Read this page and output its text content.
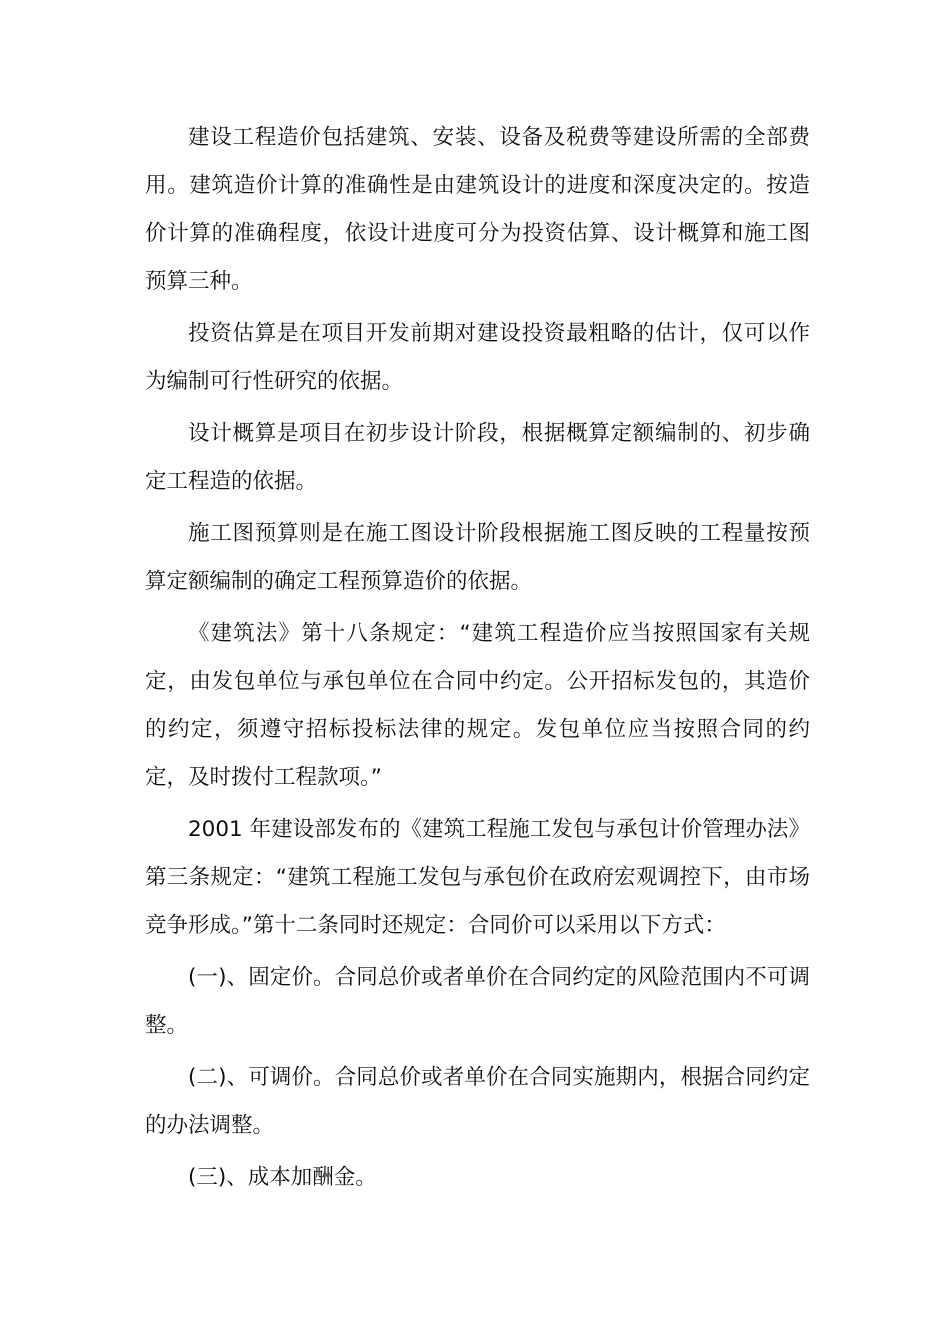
建设工程造价包括建筑、安装、设备及税费等建设所需的全部费用。建筑造价计算的准确性是由建筑设计的进度和深度决定的。按造价计算的准确程度，依设计进度可分为投资估算、设计概算和施工图预算三种。

投资估算是在项目开发前期对建设投资最粗略的估计，仅可以作为编制可行性研究的依据。

设计概算是项目在初步设计阶段，根据概算定额编制的、初步确定工程造的依据。

施工图预算则是在施工图设计阶段根据施工图反映的工程量按预算定额编制的确定工程预算造价的依据。

《建筑法》第十八条规定：“建筑工程造价应当按照国家有关规定，由发包单位与承包单位在合同中约定。公开招标发包的，其造价的约定，须遵守招标投标法律的规定。发包单位应当按照合同的约定，及时拨付工程款项。”

2001 年建设部发布的《建筑工程施工发包与承包计价管理办法》第三条规定：“建筑工程施工发包与承包价在政府宏观调控下，由市场竞争形成。”第十二条同时还规定：合同价可以采用以下方式：

(一)、固定价。合同总价或者单价在合同约定的风险范围内不可调整。

(二)、可调价。合同总价或者单价在合同实施期内，根据合同约定的办法调整。

(三)、成本加酬金。
